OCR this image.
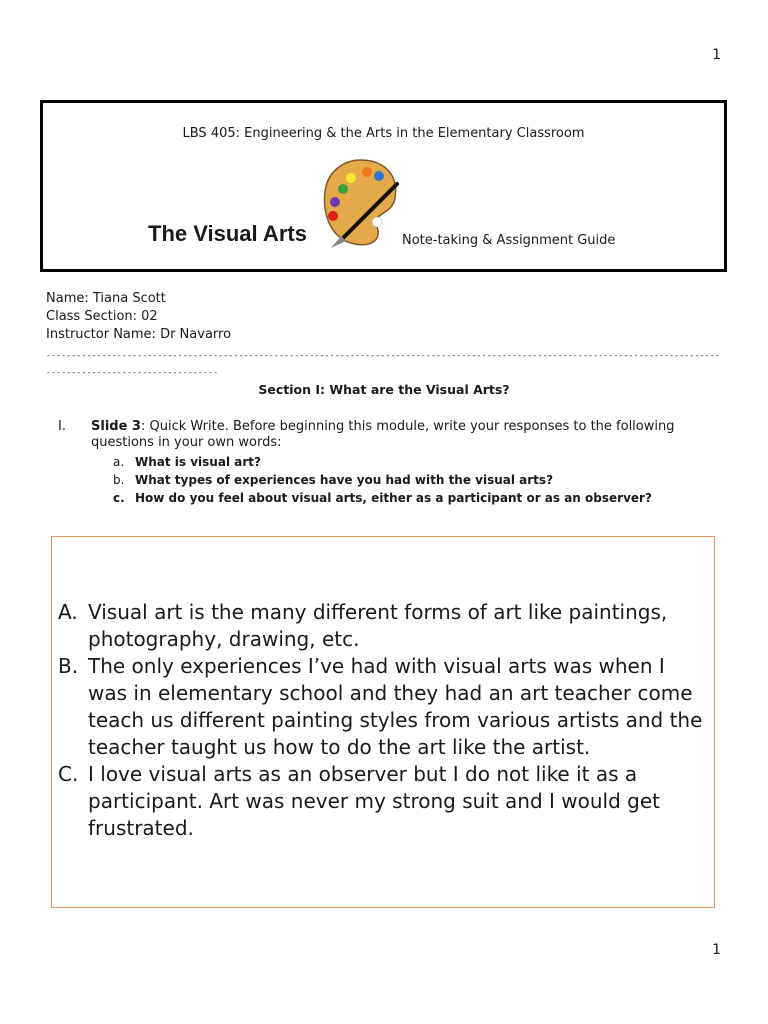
1
LBS 405: Engineering & the Arts in the Elementary Classroom
The Visual Arts	Note-taking & Assignment Guide
Name: Tiana Scott
Class Section: 02
Instructor Name: Dr Navarro
-----------------------------------------------------------------------------------------------------------------------------------------------------------------------
Section I: What are the Visual Arts?
I. Slide 3: Quick Write. Before beginning this module, write your responses to the following questions in your own words:
a. What is visual art?
b. What types of experiences have you had with the visual arts?
c. How do you feel about visual arts, either as a participant or as an observer?
A. Visual art is the many different forms of art like paintings, photography, drawing, etc.
B. The only experiences I’ve had with visual arts was when I was in elementary school and they had an art teacher come teach us different painting styles from various artists and the teacher taught us how to do the art like the artist.
C. I love visual arts as an observer but I do not like it as a participant. Art was never my strong suit and I would get frustrated.
1
